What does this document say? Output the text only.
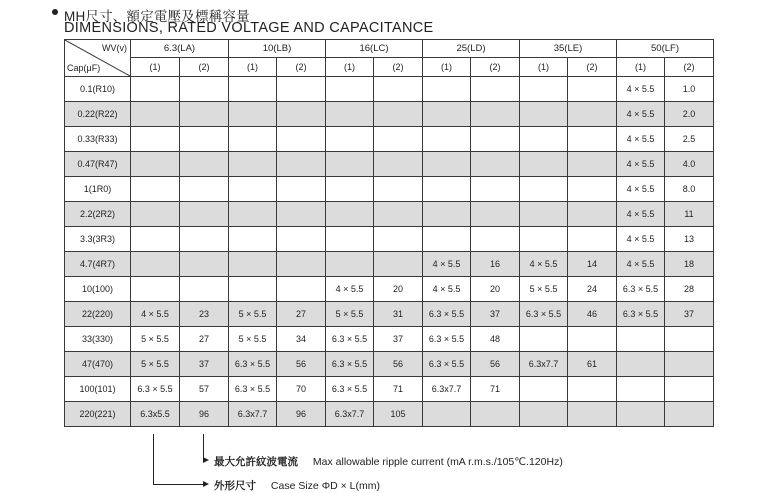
MH尺寸、額定電壓及標稱容量
DIMENSIONS, RATED VOLTAGE AND CAPACITANCE
WV(v)
Cap(μF)	6.3(LA)		10(LB)		16(LC)		25(LD)		35(LE)		50(LF)	
	(1)	(2)	(1)	(2)	(1)	(2)	(1)	(2)	(1)	(2)	(1)	(2)
0.1(R10)											4 × 5.5	1.0
0.22(R22)											4 × 5.5	2.0
0.33(R33)											4 × 5.5	2.5
0.47(R47)											4 × 5.5	4.0
1(1R0)											4 × 5.5	8.0
2.2(2R2)											4 × 5.5	11
3.3(3R3)											4 × 5.5	13
4.7(4R7)							4 × 5.5	16	4 × 5.5	14	4 × 5.5	18
10(100)					4 × 5.5	20	4 × 5.5	20	5 × 5.5	24	6.3 × 5.5	28
22(220)	4 × 5.5	23	5 × 5.5	27	5 × 5.5	31	6.3 × 5.5	37	6.3 × 5.5	46	6.3 × 5.5	37
33(330)	5 × 5.5	27	5 × 5.5	34	6.3 × 5.5	37	6.3 × 5.5	48				
47(470)	5 × 5.5	37	6.3 × 5.5	56	6.3 × 5.5	56	6.3 × 5.5	56	6.3x7.7	61		
100(101)	6.3 × 5.5	57	6.3 × 5.5	70	6.3 × 5.5	71	6.3x7.7	71				
220(221)	6.3x5.5	96	6.3x7.7	96	6.3x7.7	105						
最大允許紋波電流 Max allowable ripple current (mA r.m.s./105℃.120Hz)
外形尺寸 Case Size ΦD × L(mm)
